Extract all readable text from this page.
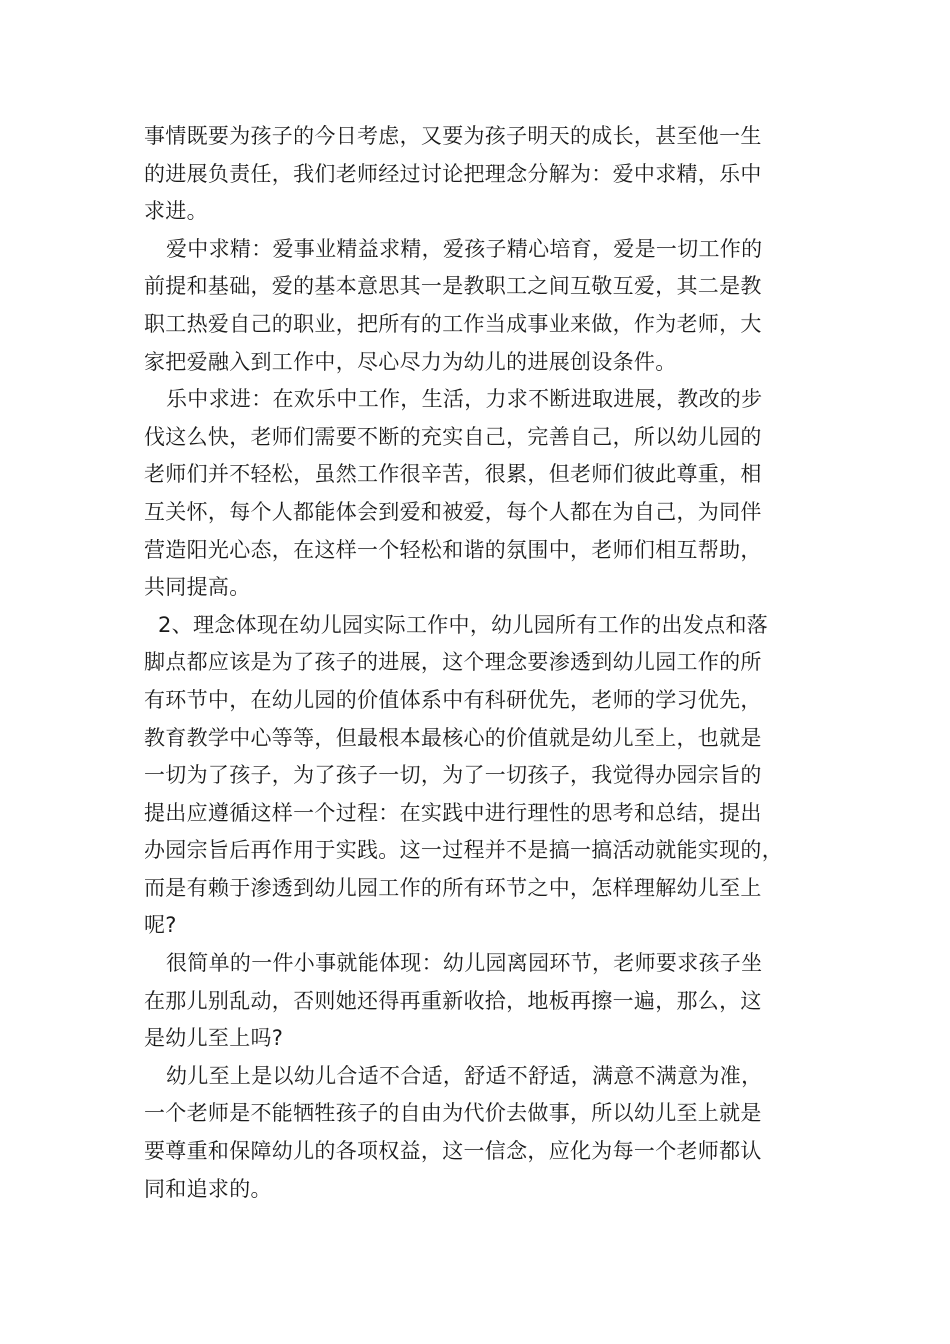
事情既要为孩子的今日考虑，又要为孩子明天的成长，甚至他一生
的进展负责任，我们老师经过讨论把理念分解为：爱中求精，乐中
求进。

爱中求精：爱事业精益求精，爱孩子精心培育，爱是一切工作的
前提和基础，爱的基本意思其一是教职工之间互敬互爱，其二是教
职工热爱自己的职业，把所有的工作当成事业来做，作为老师，大
家把爱融入到工作中，尽心尽力为幼儿的进展创设条件。

乐中求进：在欢乐中工作，生活，力求不断进取进展，教改的步
伐这么快，老师们需要不断的充实自己，完善自己，所以幼儿园的
老师们并不轻松，虽然工作很辛苦，很累，但老师们彼此尊重，相
互关怀，每个人都能体会到爱和被爱，每个人都在为自己，为同伴
营造阳光心态，在这样一个轻松和谐的氛围中，老师们相互帮助，
共同提高。

2、理念体现在幼儿园实际工作中，幼儿园所有工作的出发点和落
脚点都应该是为了孩子的进展，这个理念要渗透到幼儿园工作的所
有环节中，在幼儿园的价值体系中有科研优先，老师的学习优先，
教育教学中心等等，但最根本最核心的价值就是幼儿至上，也就是
一切为了孩子，为了孩子一切，为了一切孩子，我觉得办园宗旨的
提出应遵循这样一个过程：在实践中进行理性的思考和总结，提出
办园宗旨后再作用于实践。这一过程并不是搞一搞活动就能实现的，
而是有赖于渗透到幼儿园工作的所有环节之中，怎样理解幼儿至上
呢?

很简单的一件小事就能体现：幼儿园离园环节，老师要求孩子坐
在那儿别乱动，否则她还得再重新收拾，地板再擦一遍，那么，这
是幼儿至上吗?

幼儿至上是以幼儿合适不合适，舒适不舒适，满意不满意为准，
一个老师是不能牺牲孩子的自由为代价去做事，所以幼儿至上就是
要尊重和保障幼儿的各项权益，这一信念，应化为每一个老师都认
同和追求的。
